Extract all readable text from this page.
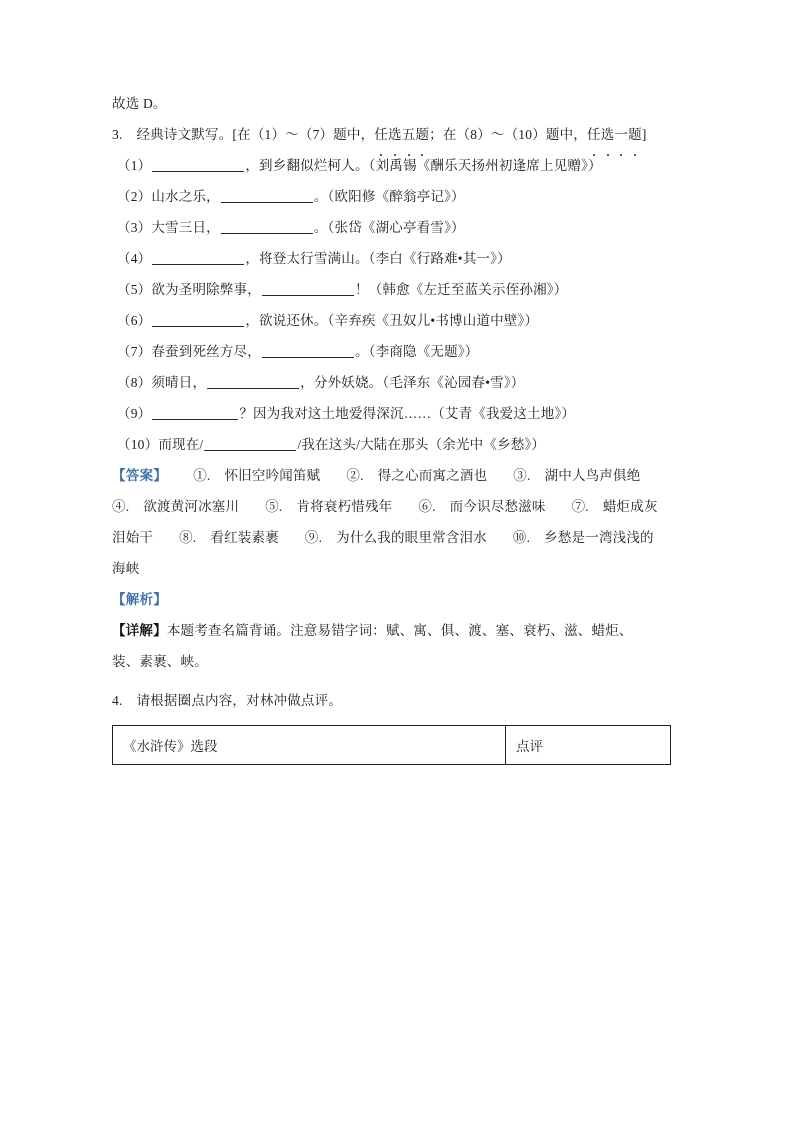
故选 D。
3. 经典诗文默写。[在（1）～（7）题中，任选五题；在（8）～（10）题中，任选一题]
（1）	，到乡翻似烂柯人。（刘禹锡《酬乐天扬州初逢席上见赠》）
（2）山水之乐，	。（欧阳修《醉翁亭记》）
（3）大雪三日，	。（张岱《湖心亭看雪》）
（4）	，将登太行雪满山。（李白《行路难•其一》）
（5）欲为圣明除弊事，	！（韩愈《左迁至蓝关示侄孙湘》）
（6）	，欲说还休。（辛弃疾《丑奴儿•书博山道中壁》）
（7）春蚕到死丝方尽，	。（李商隐《无题》）
（8）须晴日，	，分外妖娆。（毛泽东《沁园春•雪》）
（9）	？因为我对这土地爱得深沉……（艾青《我爱这土地》）
（10）而现在/	/我在这头/大陆在那头（余光中《乡愁》）
【答案】 ①. 怀旧空吟闻笛赋 ②. 得之心而寓之酒也 ③. 湖中人鸟声俱绝
④. 欲渡黄河冰塞川 ⑤. 肯将衰朽惜残年 ⑥. 而今识尽愁滋味 ⑦. 蜡炬成灰
泪始干 ⑧. 看红装素裹 ⑨. 为什么我的眼里常含泪水 ⑩. 乡愁是一湾浅浅的
海峡
【解析】
【详解】本题考查名篇背诵。注意易错字词：赋、寓、俱、渡、塞、衰朽、滋、蜡炬、装、素裹、峡。
4. 请根据圈点内容，对林冲做点评。
《水浒传》选段	点评
